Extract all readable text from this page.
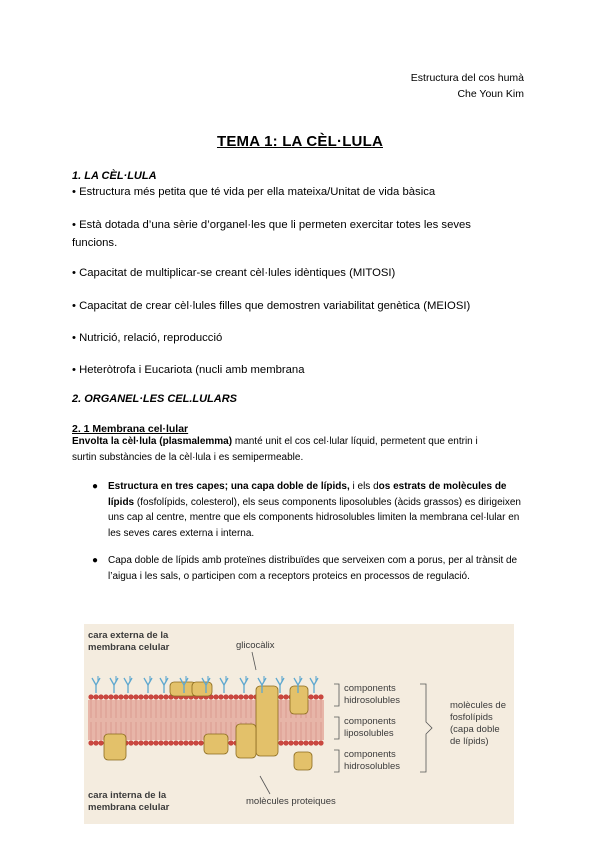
Estructura del cos humà
Che Youn Kim
TEMA 1: LA CÈL·LULA
1. LA CÈL·LULA
• Estructura més petita que té vida per ella mateixa/Unitat de vida bàsica
• Està dotada d’una sèrie d’organel·les que li permeten exercitar totes les seves
funcions.
• Capacitat de multiplicar-se creant cèl·lules idèntiques (MITOSI)
• Capacitat de crear cèl·lules filles que demostren variabilitat genètica (MEIOSI)
• Nutrició, relació, reproducció
• Heteròtrofa i Eucariota (nucli amb membrana
2. ORGANEL·LES CEL.LULARS
2. 1 Membrana cel·lular
Envolta la cèl·lula (plasmalemma) manté unit el cos cel·lular líquid, permetent que entrin i
surtin substàncies de la cèl·lula i es semipermeable.
● Estructura en tres capes; una capa doble de lípids, i els dos estrats de molècules de lípids (fosfolípids, colesterol), els seus components liposolubles (àcids grassos) es dirigeixen uns cap al centre, mentre que els components hidrosolubles limiten la membrana cel·lular en les seves cares externa i interna.
● Capa doble de lípids amb proteïnes distribuïdes que serveixen com a porus, per al trànsit de l’aigua i les sals, o participen com a receptors proteics en processos de regulació.
cara externa de la
membrana celular
cara interna de la
membrana celular
glicocàlix
components
hidrosolubles
components
liposolubles
components
hidrosolubles
molècules de
fosfolípids
(capa doble
de lípids)
molècules proteiques
